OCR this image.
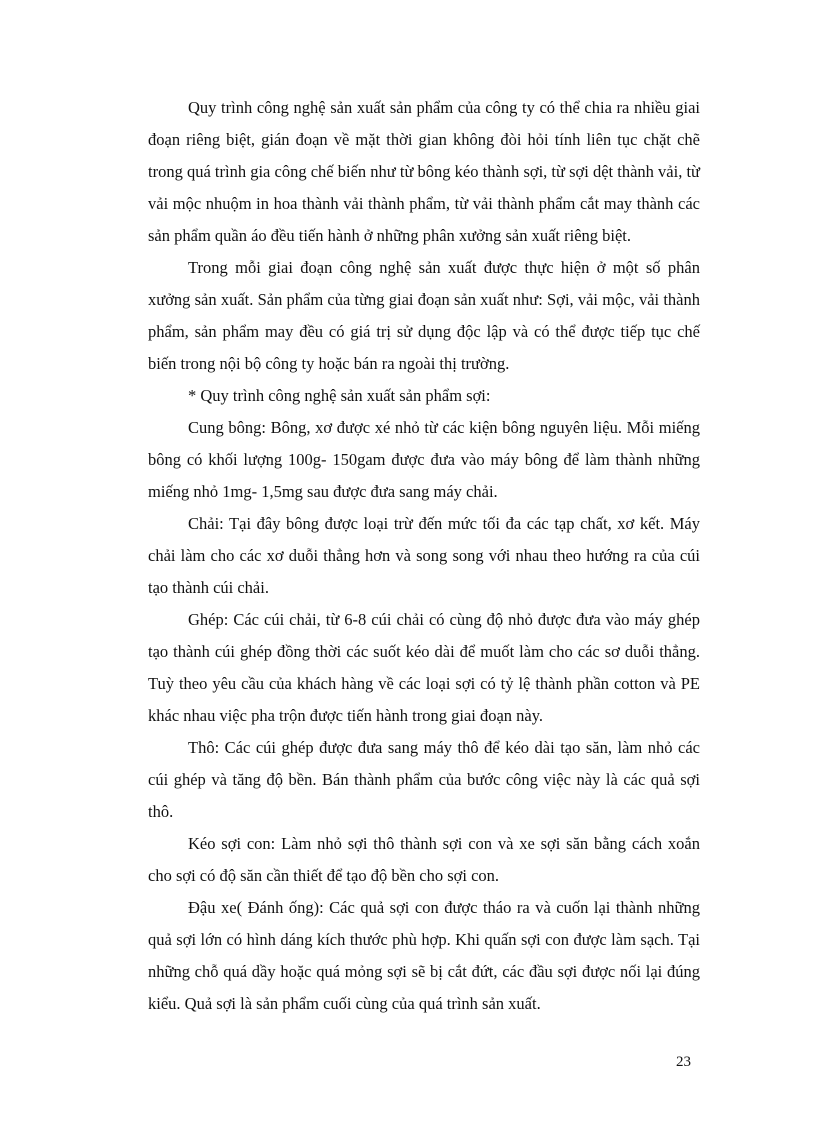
Quy trình công nghệ sản xuất sản phẩm của công ty có thể chia ra nhiều giai đoạn riêng biệt, gián đoạn về mặt thời gian không đòi hỏi tính liên tục chặt chẽ trong quá trình gia công chế biến như từ bông kéo thành sợi, từ sợi dệt thành vải, từ vải mộc nhuộm in hoa thành vải thành phẩm, từ vải thành phẩm cắt may thành các sản phẩm quần áo đều tiến hành ở những phân xưởng sản xuất riêng biệt.

Trong mỗi giai đoạn công nghệ sản xuất được thực hiện ở một số phân xưởng sản xuất. Sản phẩm của từng giai đoạn sản xuất như: Sợi, vải mộc, vải thành phẩm, sản phẩm may đều có giá trị sử dụng độc lập và có thể được tiếp tục chế biến trong nội bộ công ty hoặc bán ra ngoài thị trường.

* Quy trình công nghệ sản xuất sản phẩm sợi:

Cung bông: Bông, xơ được xé nhỏ từ các kiện bông nguyên liệu. Mỗi miếng bông có khối lượng 100g- 150gam được đưa vào máy bông để làm thành những miếng nhỏ 1mg- 1,5mg sau được đưa sang máy chải.

Chải: Tại đây bông được loại trừ đến mức tối đa các tạp chất, xơ kết. Máy chải làm cho các xơ duỗi thẳng hơn và song song với nhau theo hướng ra của cúi tạo thành cúi chải.

Ghép: Các cúi chải, từ 6-8 cúi chải có cùng độ nhỏ được đưa vào máy ghép tạo thành cúi ghép đồng thời các suốt kéo dài để muốt làm cho các sơ duỗi thẳng. Tuỳ theo yêu cầu của khách hàng về các loại sợi có tỷ lệ thành phần cotton và PE khác nhau việc pha trộn được tiến hành trong giai đoạn này.

Thô: Các cúi ghép được đưa sang máy thô để kéo dài tạo săn, làm nhỏ các cúi ghép và tăng độ bền. Bán thành phẩm của bước công việc này là các quả sợi thô.

Kéo sợi con: Làm nhỏ sợi thô thành sợi con và xe sợi săn bằng cách xoắn cho sợi có độ săn cần thiết để tạo độ bền cho sợi con.

Đậu xe( Đánh ống): Các quả sợi con được tháo ra và cuốn lại thành những quả sợi lớn có hình dáng kích thước phù hợp. Khi quấn sợi con được làm sạch. Tại những chỗ quá dầy hoặc quá mỏng sợi sẽ bị cắt đứt, các đầu sợi được nối lại đúng kiểu. Quả sợi là sản phẩm cuối cùng của quá trình sản xuất.

23
